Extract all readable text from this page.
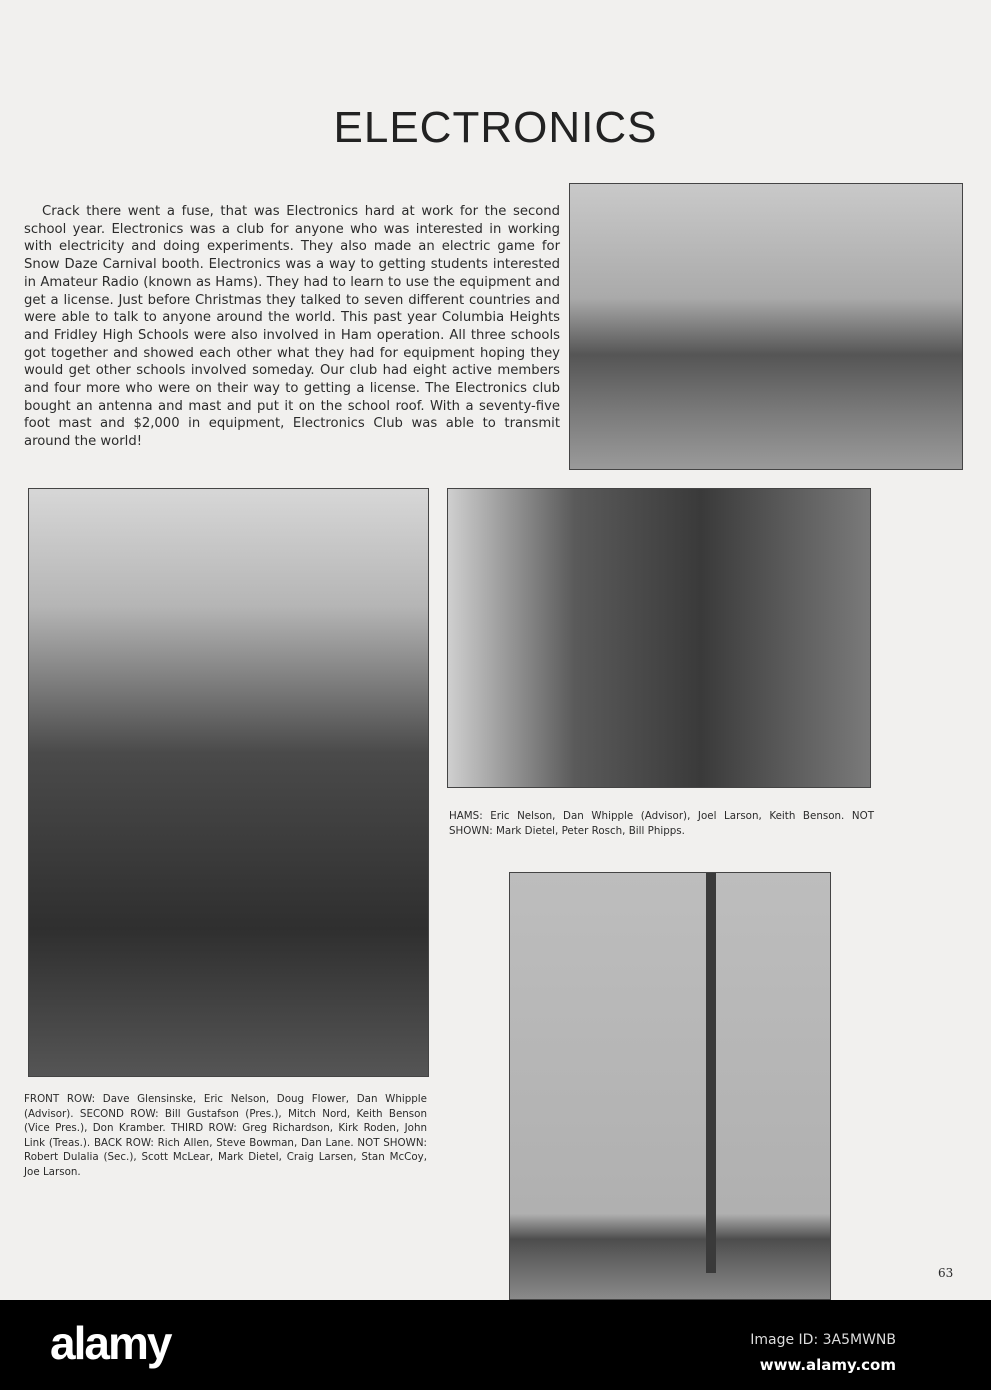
ELECTRONICS
Crack there went a fuse, that was Electronics hard at work for the second school year. Electronics was a club for anyone who was interested in working with electricity and doing experiments. They also made an electric game for Snow Daze Carnival booth. Electronics was a way to getting students interested in Amateur Radio (known as Hams). They had to learn to use the equipment and get a license. Just before Christmas they talked to seven different countries and were able to talk to anyone around the world. This past year Columbia Heights and Fridley High Schools were also involved in Ham operation. All three schools got together and showed each other what they had for equipment hoping they would get other schools involved someday. Our club had eight active members and four more who were on their way to getting a license. The Electronics club bought an antenna and mast and put it on the school roof. With a seventy-five foot mast and $2,000 in equipment, Electronics Club was able to transmit around the world!
FRONT ROW: Dave Glensinske, Eric Nelson, Doug Flower, Dan Whipple (Advisor). SECOND ROW: Bill Gustafson (Pres.), Mitch Nord, Keith Benson (Vice Pres.), Don Kramber. THIRD ROW: Greg Richardson, Kirk Roden, John Link (Treas.). BACK ROW: Rich Allen, Steve Bowman, Dan Lane. NOT SHOWN: Robert Dulalia (Sec.), Scott McLear, Mark Dietel, Craig Larsen, Stan McCoy, Joe Larson.
HAMS: Eric Nelson, Dan Whipple (Advisor), Joel Larson, Keith Benson. NOT SHOWN: Mark Dietel, Peter Rosch, Bill Phipps.
63
alamy	Image ID: 3A5MWNB
www.alamy.com
